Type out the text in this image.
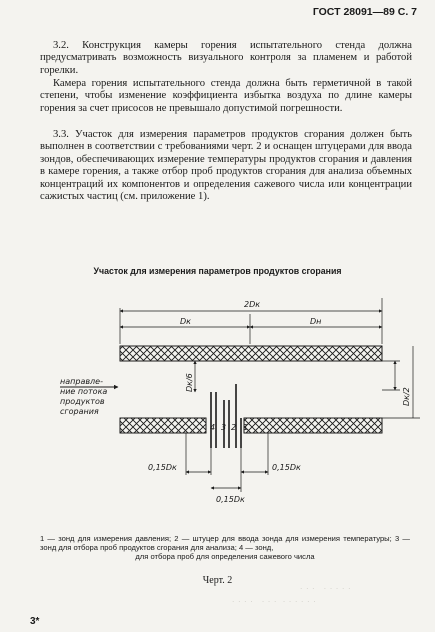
ГОСТ 28091—89 С. 7

3.2. Конструкция камеры горения испытательного стенда должна предусматривать возможность визуального контроля за пламенем и работой горелки.

Камера горения испытательного стенда должна быть герметичной в такой степени, чтобы изменение коэффициента избытка воздуха по длине камеры горения за счет присосов не превышало допустимой погрешности.

3.3. Участок для измерения параметров продуктов сгорания должен быть выполнен в соответствии с требованиями черт. 2 и оснащен штуцерами для ввода зондов, обеспечивающих измерение температуры продуктов сгорания и давления в камере горения, а также отбор проб продуктов сгорания для анализа объемных концентраций их компонентов и определения сажевого числа или концентрации сажистых частиц (см. приложение 1).

Участок для измерения параметров продуктов сгорания
2Dк
Dк	Dн
4 3 2 1
Dк/6
Dк/2
направле-
ние потока
продуктов
сгорания
0,15Dк	0,15Dк
0,15Dк

1 — зонд для измерения давления; 2 — штуцер для ввода зонда для измерения температуры; 3 — зонд для отбора проб продуктов сгорания для анализа; 4 — зонд,
для отбора проб для определения сажевого числа

Черт. 2
· · ·   · · · · ·
· · · ·   · · ·  · · · · · ·
3*
